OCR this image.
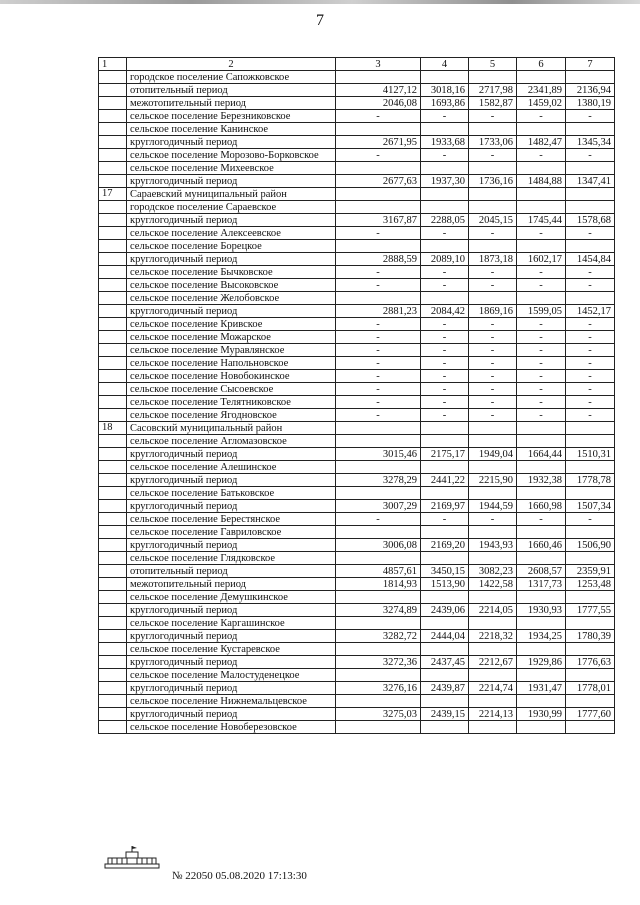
7
1	2	3	4	5	6	7
	городское поселение Сапожковское					
	отопительный период	4127,12	3018,16	2717,98	2341,89	2136,94
	межотопительный период	2046,08	1693,86	1582,87	1459,02	1380,19
	сельское поселение Березниковское	-	-	-	-	-
	сельское поселение Канинское					
	круглогодичный период	2671,95	1933,68	1733,06	1482,47	1345,34
	сельское поселение Морозово-Борковское	-	-	-	-	-
	сельское поселение Михеевское					
	круглогодичный период	2677,63	1937,30	1736,16	1484,88	1347,41
17	Сараевский муниципальный район					
	городское поселение Сараевское					
	круглогодичный период	3167,87	2288,05	2045,15	1745,44	1578,68
	сельское поселение Алексеевское	-	-	-	-	-
	сельское поселение Борецкое					
	круглогодичный период	2888,59	2089,10	1873,18	1602,17	1454,84
	сельское поселение Бычковское	-	-	-	-	-
	сельское поселение Высоковское	-	-	-	-	-
	сельское поселение Желобовское					
	круглогодичный период	2881,23	2084,42	1869,16	1599,05	1452,17
	сельское поселение Кривское	-	-	-	-	-
	сельское поселение Можарское	-	-	-	-	-
	сельское поселение Муравлянское	-	-	-	-	-
	сельское поселение Напольновское	-	-	-	-	-
	сельское поселение Новобокинское	-	-	-	-	-
	сельское поселение Сысоевское	-	-	-	-	-
	сельское поселение Телятниковское	-	-	-	-	-
	сельское поселение Ягодновское	-	-	-	-	-
18	Сасовский муниципальный район					
	сельское поселение Агломазовское					
	круглогодичный период	3015,46	2175,17	1949,04	1664,44	1510,31
	сельское поселение Алешинское					
	круглогодичный период	3278,29	2441,22	2215,90	1932,38	1778,78
	сельское поселение Батьковское					
	круглогодичный период	3007,29	2169,97	1944,59	1660,98	1507,34
	сельское поселение Берестянское	-	-	-	-	-
	сельское поселение Гавриловское					
	круглогодичный период	3006,08	2169,20	1943,93	1660,46	1506,90
	сельское поселение Глядковское					
	отопительный период	4857,61	3450,15	3082,23	2608,57	2359,91
	межотопительный период	1814,93	1513,90	1422,58	1317,73	1253,48
	сельское поселение Демушкинское					
	круглогодичный период	3274,89	2439,06	2214,05	1930,93	1777,55
	сельское поселение Каргашинское					
	круглогодичный период	3282,72	2444,04	2218,32	1934,25	1780,39
	сельское поселение Кустаревское					
	круглогодичный период	3272,36	2437,45	2212,67	1929,86	1776,63
	сельское поселение Малостуденецкое					
	круглогодичный период	3276,16	2439,87	2214,74	1931,47	1778,01
	сельское поселение Нижнемальцевское					
	круглогодичный период	3275,03	2439,15	2214,13	1930,99	1777,60
	сельское поселение Новоберезовское					
№ 22050 05.08.2020 17:13:30
